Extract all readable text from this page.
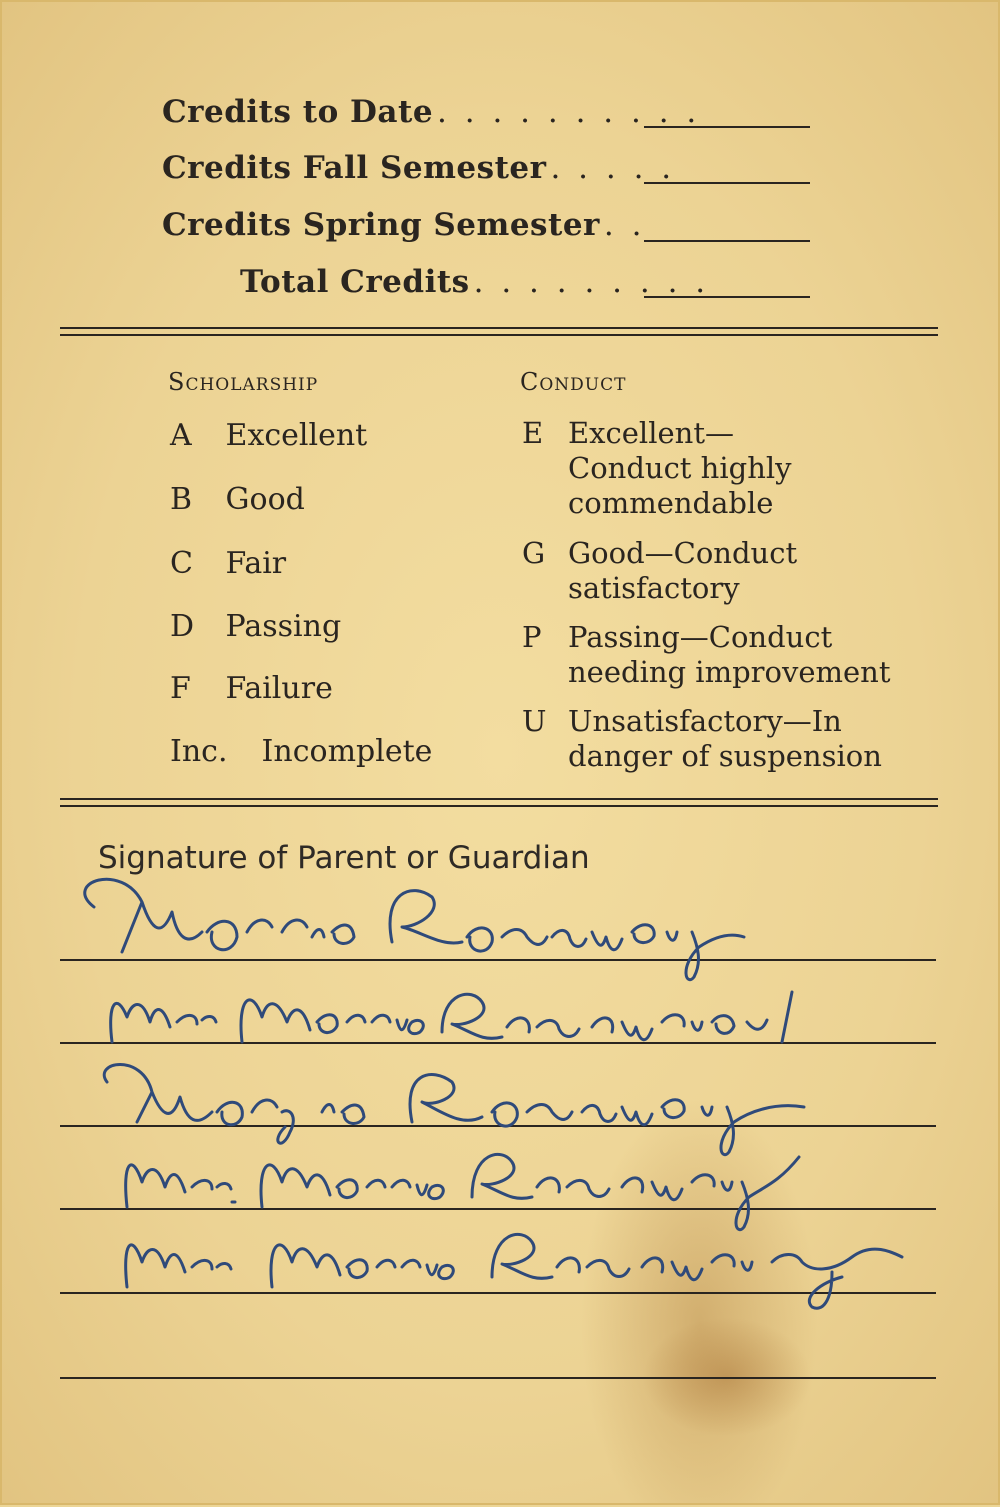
Credits to Date . . . . . . . . . .
Credits Fall Semester . . . . .
Credits Spring Semester . .
Total Credits . . . . . . . . .
Scholarship
A Excellent
B Good
C Fair
D Passing
F Failure
Inc. Incomplete
Conduct
E Excellent— Conduct highly commendable
G Good—Conduct satisfactory
P Passing—Conduct needing improvement
U Unsatisfactory—In danger of suspension
Signature of Parent or Guardian
